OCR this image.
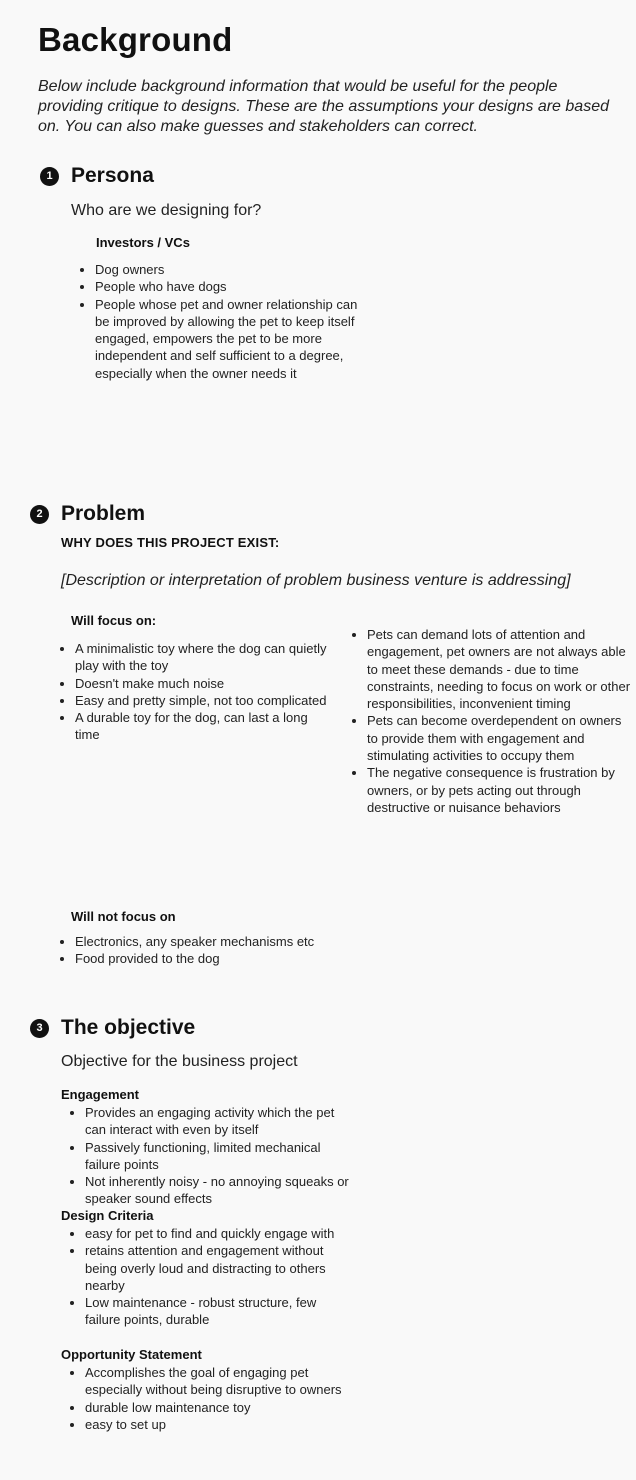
Background
Below include background information that would be useful for the people providing critique to designs. These are the assumptions your designs are based on. You can also make guesses and stakeholders can correct.
1 Persona
Who are we designing for?
Investors / VCs
• Dog owners
• People who have dogs
• People whose pet and owner relationship can be improved by allowing the pet to keep itself engaged, empowers the pet to be more independent and self sufficient to a degree, especially when the owner needs it
2 Problem
WHY DOES THIS PROJECT EXIST:
[Description or interpretation of problem business venture is addressing]
Will focus on:
• A minimalistic toy where the dog can quietly play with the toy
• Doesn't make much noise
• Easy and pretty simple, not too complicated
• A durable toy for the dog, can last a long time
• Pets can demand lots of attention and engagement, pet owners are not always able to meet these demands - due to time constraints, needing to focus on work or other responsibilities, inconvenient timing
• Pets can become overdependent on owners to provide them with engagement and stimulating activities to occupy them
• The negative consequence is frustration by owners, or by pets acting out through destructive or nuisance behaviors
Will not focus on
• Electronics, any speaker mechanisms etc
• Food provided to the dog
3 The objective
Objective for the business project
Engagement
• Provides an engaging activity which the pet can interact with even by itself
• Passively functioning, limited mechanical failure points
• Not inherently noisy - no annoying squeaks or speaker sound effects
Design Criteria
• easy for pet to find and quickly engage with
• retains attention and engagement without being overly loud and distracting to others nearby
• Low maintenance - robust structure, few failure points, durable
Opportunity Statement
• Accomplishes the goal of engaging pet especially without being disruptive to owners
• durable low maintenance toy
• easy to set up
